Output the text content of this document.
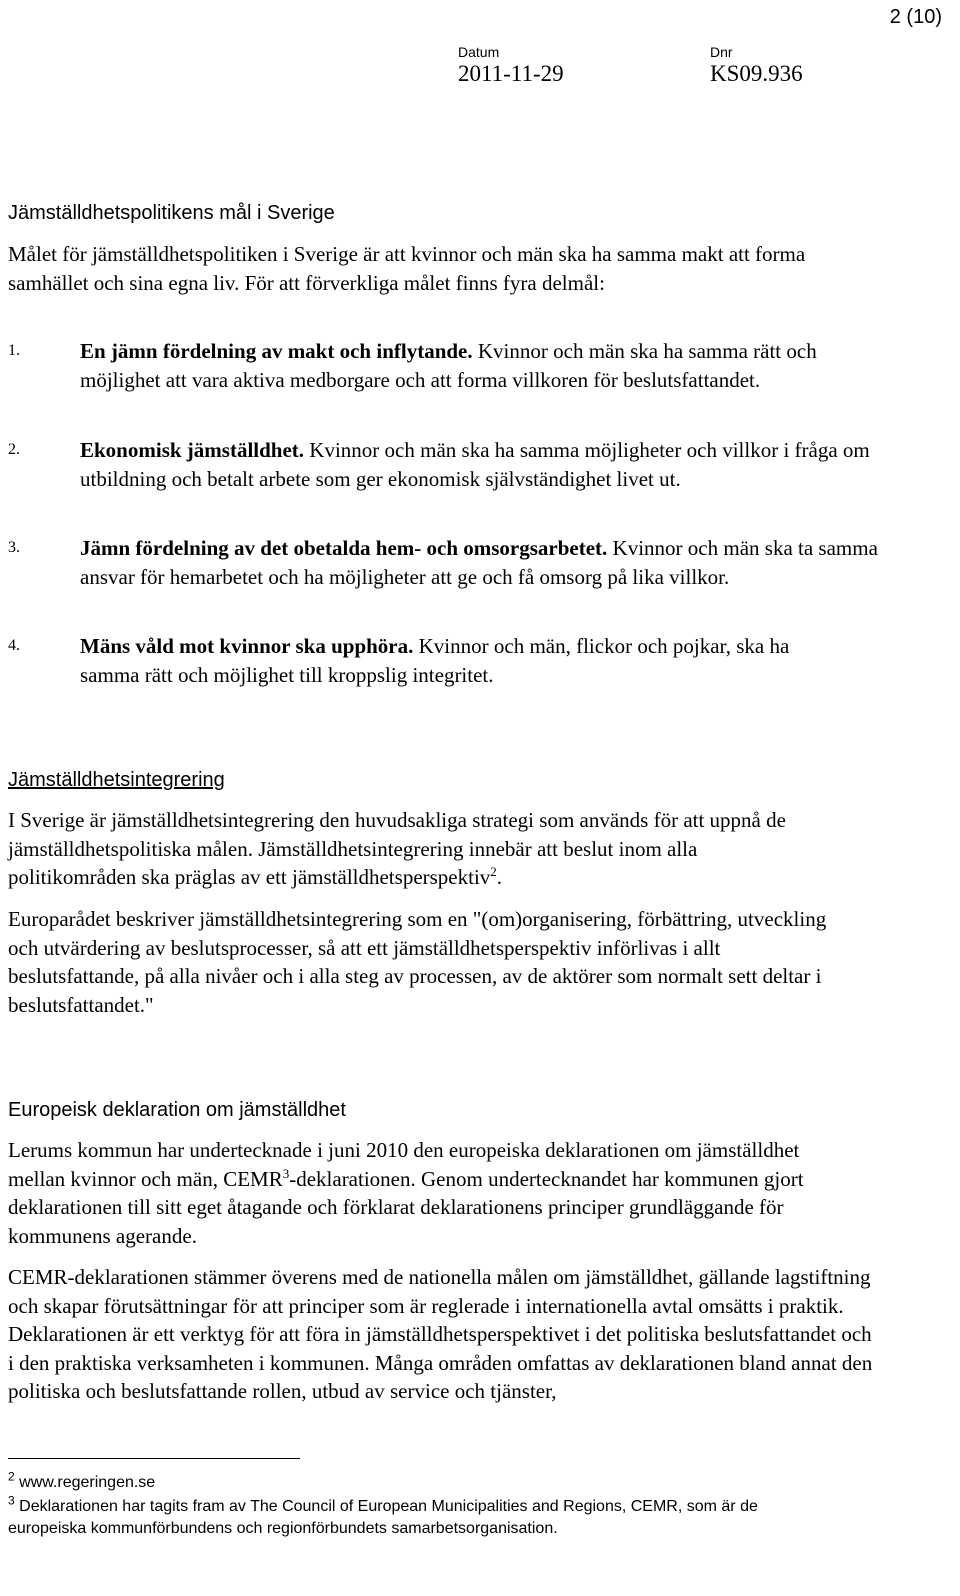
2 (10)
Datum
2011-11-29
Dnr
KS09.936
Jämställdhetspolitikens mål i Sverige

Målet för jämställdhetspolitiken i Sverige är att kvinnor och män ska ha samma makt att forma samhället och sina egna liv. För att förverkliga målet finns fyra delmål:

1.	En jämn fördelning av makt och inflytande. Kvinnor och män ska ha samma rätt och möjlighet att vara aktiva medborgare och att forma villkoren för beslutsfattandet.
2.	Ekonomisk jämställdhet. Kvinnor och män ska ha samma möjligheter och villkor i fråga om utbildning och betalt arbete som ger ekonomisk självständighet livet ut.
3.	Jämn fördelning av det obetalda hem- och omsorgsarbetet. Kvinnor och män ska ta samma ansvar för hemarbetet och ha möjligheter att ge och få omsorg på lika villkor.
4.	Mäns våld mot kvinnor ska upphöra. Kvinnor och män, flickor och pojkar, ska ha samma rätt och möjlighet till kroppslig integritet.
Jämställdhetsintegrering

I Sverige är jämställdhetsintegrering den huvudsakliga strategi som används för att uppnå de jämställdhetspolitiska målen. Jämställdhetsintegrering innebär att beslut inom alla politikområden ska präglas av ett jämställdhetsperspektiv$^2$.

Europarådet beskriver jämställdhetsintegrering som en "(om)organisering, förbättring, utveckling och utvärdering av beslutsprocesser, så att ett jämställdhetsperspektiv införlivas i allt beslutsfattande, på alla nivåer och i alla steg av processen, av de aktörer som normalt sett deltar i beslutsfattandet."

Europeisk deklaration om jämställdhet

Lerums kommun har undertecknade i juni 2010 den europeiska deklarationen om jämställdhet mellan kvinnor och män, CEMR$^3$-deklarationen. Genom undertecknandet har kommunen gjort deklarationen till sitt eget åtagande och förklarat deklarationens principer grundläggande för kommunens agerande.

CEMR-deklarationen stämmer överens med de nationella målen om jämställdhet, gällande lagstiftning och skapar förutsättningar för att principer som är reglerade i internationella avtal omsätts i praktik. Deklarationen är ett verktyg för att föra in jämställdhetsperspektivet i det politiska beslutsfattandet och i den praktiska verksamheten i kommunen. Många områden omfattas av deklarationen bland annat den politiska och beslutsfattande rollen, utbud av service och tjänster,

$^2$ www.regeringen.se
$^3$ Deklarationen har tagits fram av The Council of European Municipalities and Regions, CEMR, som är de europeiska kommunförbundens och regionförbundets samarbetsorganisation.
